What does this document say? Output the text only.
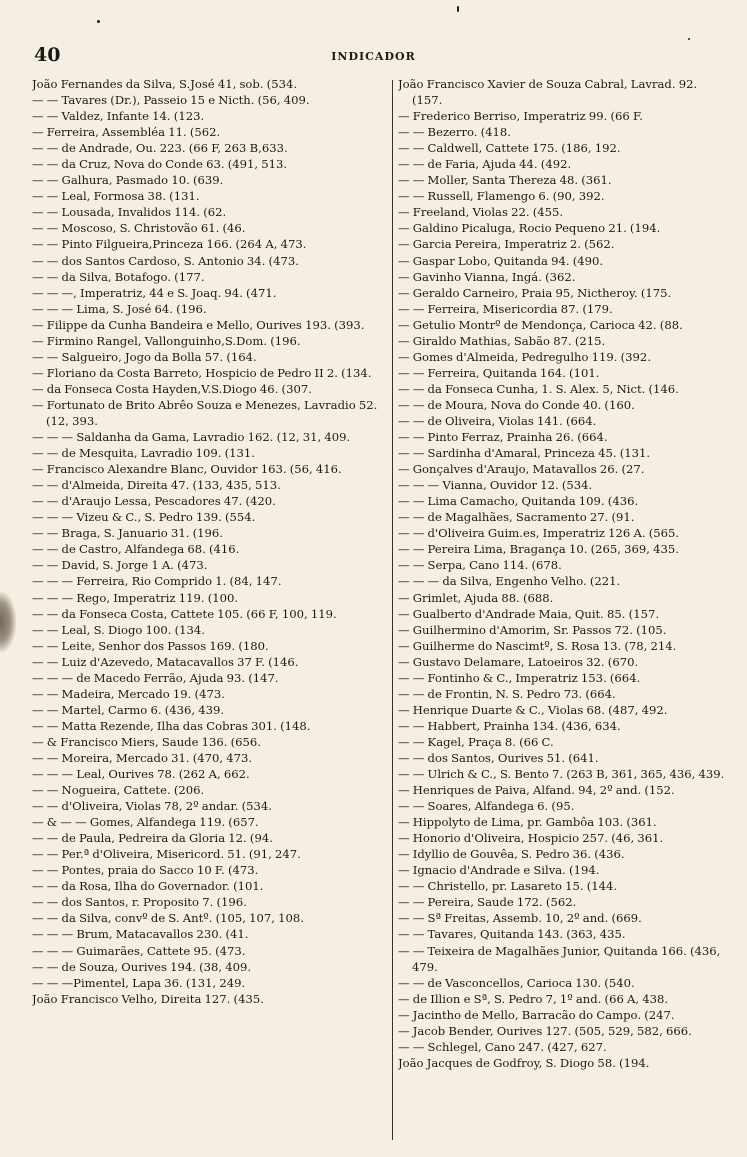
40	INDICADOR
João Fernandes da Silva, S.José 41, sob. (534.
— — Tavares (Dr.), Passeio 15 e Nicth. (56, 409.
— — Valdez, Infante 14. (123.
— Ferreira, Assembléa 11. (562.
— — de Andrade, Ou. 223. (66 F, 263 B,633.
— — da Cruz, Nova do Conde 63. (491, 513.
— — Galhura, Pasmado 10. (639.
— — Leal, Formosa 38. (131.
— — Lousada, Invalidos 114. (62.
— — Moscoso, S. Christovão 61. (46.
— — Pinto Filgueira,Princeza 166. (264 A, 473.
— — dos Santos Cardoso, S. Antonio 34. (473.
— — da Silva, Botafogo. (177.
— — —, Imperatriz, 44 e S. Joaq. 94. (471.
— — — Lima, S. José 64. (196.
— Filippe da Cunha Bandeira e Mello, Ourives 193. (393.
— Firmino Rangel, Vallonguinho,S.Dom. (196.
— — Salgueiro, Jogo da Bolla 57. (164.
— Floriano da Costa Barreto, Hospicio de Pedro II 2. (134.
— da Fonseca Costa Hayden,V.S.Diogo 46. (307.
— Fortunato de Brito Abrêo Souza e Menezes, Lavradio 52. (12, 393.
— — — Saldanha da Gama, Lavradio 162. (12, 31, 409.
— — de Mesquita, Lavradio 109. (131.
— Francisco Alexandre Blanc, Ouvidor 163. (56, 416.
— — d'Almeida, Direita 47. (133, 435, 513.
— — d'Araujo Lessa, Pescadores 47. (420.
— — — Vizeu & C., S. Pedro 139. (554.
— — Braga, S. Januario 31. (196.
— — de Castro, Alfandega 68. (416.
— — David, S. Jorge 1 A. (473.
— — — Ferreira, Rio Comprido 1. (84, 147.
— — — Rego, Imperatriz 119. (100.
— — da Fonseca Costa, Cattete 105. (66 F, 100, 119.
— — Leal, S. Diogo 100. (134.
— — Leite, Senhor dos Passos 169. (180.
— — Luiz d'Azevedo, Matacavallos 37 F. (146.
— — — de Macedo Ferrão, Ajuda 93. (147.
— — Madeira, Mercado 19. (473.
— — Martel, Carmo 6. (436, 439.
— — Matta Rezende, Ilha das Cobras 301. (148.
— & Francisco Miers, Saude 136. (656.
— — Moreira, Mercado 31. (470, 473.
— — — Leal, Ourives 78. (262 A, 662.
— — Nogueira, Cattete. (206.
— — d'Oliveira, Violas 78, 2º andar. (534.
— & — — Gomes, Alfandega 119. (657.
— — de Paula, Pedreira da Gloria 12. (94.
— — Per.ª d'Oliveira, Misericord. 51. (91, 247.
— — Pontes, praia do Sacco 10 F. (473.
— — da Rosa, Ilha do Governador. (101.
— — dos Santos, r. Proposito 7. (196.
— — da Silva, convº de S. Antº. (105, 107, 108.
— — — Brum, Matacavallos 230. (41.
— — — Guimarães, Cattete 95. (473.
— — de Souza, Ourives 194. (38, 409.
— — —Pimentel, Lapa 36. (131, 249.
João Francisco Velho, Direita 127. (435.
João Francisco Xavier de Souza Cabral, Lavrad. 92. (157.
— Frederico Berriso, Imperatriz 99. (66 F.
— — Bezerro. (418.
— — Caldwell, Cattete 175. (186, 192.
— — de Faria, Ajuda 44. (492.
— — Moller, Santa Thereza 48. (361.
— — Russell, Flamengo 6. (90, 392.
— Freeland, Violas 22. (455.
— Galdino Picaluga, Rocio Pequeno 21. (194.
— Garcia Pereira, Imperatriz 2. (562.
— Gaspar Lobo, Quitanda 94. (490.
— Gavinho Vianna, Ingá. (362.
— Geraldo Carneiro, Praia 95, Nictheroy. (175.
— — Ferreira, Misericordia 87. (179.
— Getulio Montrº de Mendonça, Carioca 42. (88.
— Giraldo Mathias, Sabão 87. (215.
— Gomes d'Almeida, Pedregulho 119. (392.
— — Ferreira, Quitanda 164. (101.
— — da Fonseca Cunha, 1. S. Alex. 5, Nict. (146.
— — de Moura, Nova do Conde 40. (160.
— — de Oliveira, Violas 141. (664.
— — Pinto Ferraz, Prainha 26. (664.
— — Sardinha d'Amaral, Princeza 45. (131.
— Gonçalves d'Araujo, Matavallos 26. (27.
— — — Vianna, Ouvidor 12. (534.
— — Lima Camacho, Quitanda 109. (436.
— — de Magalhães, Sacramento 27. (91.
— — d'Oliveira Guim.es, Imperatriz 126 A. (565.
— — Pereira Lima, Bragança 10. (265, 369, 435.
— — Serpa, Cano 114. (678.
— — — da Silva, Engenho Velho. (221.
— Grimlet, Ajuda 88. (688.
— Gualberto d'Andrade Maia, Quit. 85. (157.
— Guilhermino d'Amorim, Sr. Passos 72. (105.
— Guilherme do Nascimtº, S. Rosa 13. (78, 214.
— Gustavo Delamare, Latoeiros 32. (670.
— — Fontinho & C., Imperatriz 153. (664.
— — de Frontin, N. S. Pedro 73. (664.
— Henrique Duarte & C., Violas 68. (487, 492.
— — Habbert, Prainha 134. (436, 634.
— — Kagel, Praça 8. (66 C.
— — dos Santos, Ourives 51. (641.
— — Ulrich & C., S. Bento 7. (263 B, 361, 365, 436, 439.
— Henriques de Paiva, Alfand. 94, 2º and. (152.
— — Soares, Alfandega 6. (95.
— Hippolyto de Lima, pr. Gambôa 103. (361.
— Honorio d'Oliveira, Hospicio 257. (46, 361.
— Idyllio de Gouvêa, S. Pedro 36. (436.
— Ignacio d'Andrade e Silva. (194.
— — Christello, pr. Lasareto 15. (144.
— — Pereira, Saude 172. (562.
— — Sª Freitas, Assemb. 10, 2º and. (669.
— — Tavares, Quitanda 143. (363, 435.
— — Teixeira de Magalhães Junior, Quitanda 166. (436, 479.
— — de Vasconcellos, Carioca 130. (540.
— de Illion e Sª, S. Pedro 7, 1º and. (66 A, 438.
— Jacintho de Mello, Barracão do Campo. (247.
— Jacob Bender, Ourives 127. (505, 529, 582, 666.
— — Schlegel, Cano 247. (427, 627.
João Jacques de Godfroy, S. Diogo 58. (194.
